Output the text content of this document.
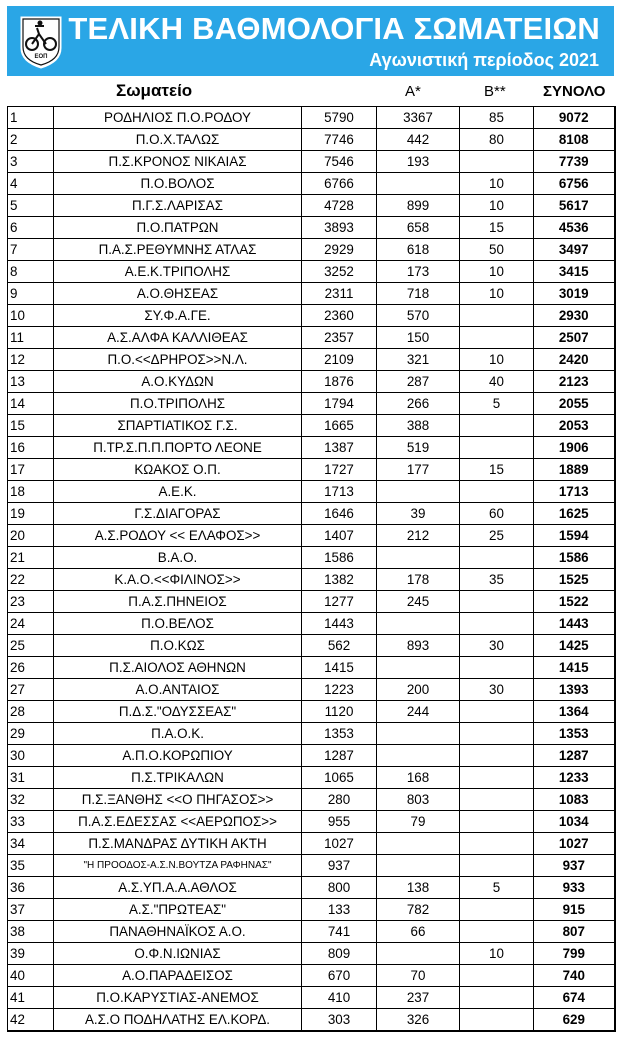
ΕΟΠ
ΤΕΛΙΚΗ ΒΑΘΜΟΛΟΓΙΑ ΣΩΜΑΤΕΙΩΝ
Αγωνιστική περίοδος 2021
Σωματείο	Α*	Β** ΣΥΝΟΛΟ
1	ΡΟΔΗΛΙΟΣ Π.Ο.ΡΟΔΟΥ	5790	3367	85	9072
2	Π.Ο.Χ.ΤΑΛΩΣ	7746	442	80	8108
3	Π.Σ.ΚΡΟΝΟΣ ΝΙΚΑΙΑΣ	7546	193		7739
4	Π.Ο.ΒΟΛΟΣ	6766		10	6756
5	Π.Γ.Σ.ΛΑΡΙΣΑΣ	4728	899	10	5617
6	Π.Ο.ΠΑΤΡΩΝ	3893	658	15	4536
7	Π.Α.Σ.ΡΕΘΥΜΝΗΣ ΑΤΛΑΣ	2929	618	50	3497
8	Α.Ε.Κ.ΤΡΙΠΟΛΗΣ	3252	173	10	3415
9	Α.Ο.ΘΗΣΕΑΣ	2311	718	10	3019
10	ΣΥ.Φ.Α.ΓΕ.	2360	570		2930
11	Α.Σ.ΑΛΦΑ ΚΑΛΛΙΘΕΑΣ	2357	150		2507
12	Π.Ο.<<ΔΡΗΡΟΣ>>Ν.Λ.	2109	321	10	2420
13	Α.Ο.ΚΥΔΩΝ	1876	287	40	2123
14	Π.Ο.ΤΡΙΠΟΛΗΣ	1794	266	5	2055
15	ΣΠΑΡΤΙΑΤΙΚΟΣ Γ.Σ.	1665	388		2053
16	Π.ΤΡ.Σ.Π.Π.ΠΟΡΤΟ ΛΕΟΝΕ	1387	519		1906
17	ΚΩΑΚΟΣ Ο.Π.	1727	177	15	1889
18	Α.Ε.Κ.	1713			1713
19	Γ.Σ.ΔΙΑΓΟΡΑΣ	1646	39	60	1625
20	Α.Σ.ΡΟΔΟΥ << ΕΛΑΦΟΣ>>	1407	212	25	1594
21	Β.Α.Ο.	1586			1586
22	Κ.Α.Ο.<<ΦΙΛΙΝΟΣ>>	1382	178	35	1525
23	Π.Α.Σ.ΠΗΝΕΙΟΣ	1277	245		1522
24	Π.Ο.ΒΕΛΟΣ	1443			1443
25	Π.Ο.ΚΩΣ	562	893	30	1425
26	Π.Σ.ΑΙΟΛΟΣ ΑΘΗΝΩΝ	1415			1415
27	Α.Ο.ΑΝΤΑΙΟΣ	1223	200	30	1393
28	Π.Δ.Σ."ΟΔΥΣΣΕΑΣ"	1120	244		1364
29	Π.Α.Ο.Κ.	1353			1353
30	Α.Π.Ο.ΚΟΡΩΠΙΟΥ	1287			1287
31	Π.Σ.ΤΡΙΚΑΛΩΝ	1065	168		1233
32	Π.Σ.ΞΑΝΘΗΣ <<Ο ΠΗΓΑΣΟΣ>>	280	803		1083
33	Π.Α.Σ.ΕΔΕΣΣΑΣ <<ΑΕΡΩΠΟΣ>>	955	79		1034
34	Π.Σ.ΜΑΝΔΡΑΣ ΔΥΤΙΚΗ ΑΚΤΗ	1027			1027
35	"Η ΠΡΟΟΔΟΣ-Α.Σ.Ν.ΒΟΥΤΖΑ ΡΑΦΗΝΑΣ"	937			937
36	Α.Σ.ΥΠ.Α.Α.ΑΘΛΟΣ	800	138	5	933
37	Α.Σ."ΠΡΩΤΕΑΣ"	133	782		915
38	ΠΑΝΑΘΗΝΑΪΚΟΣ Α.Ο.	741	66		807
39	Ο.Φ.Ν.ΙΩΝΙΑΣ	809		10	799
40	Α.Ο.ΠΑΡΑΔΕΙΣΟΣ	670	70		740
41	Π.Ο.ΚΑΡΥΣΤΙΑΣ-ΑΝΕΜΟΣ	410	237		674
42	Α.Σ.Ο ΠΟΔΗΛΑΤΗΣ ΕΛ.ΚΟΡΔ.	303	326		629
